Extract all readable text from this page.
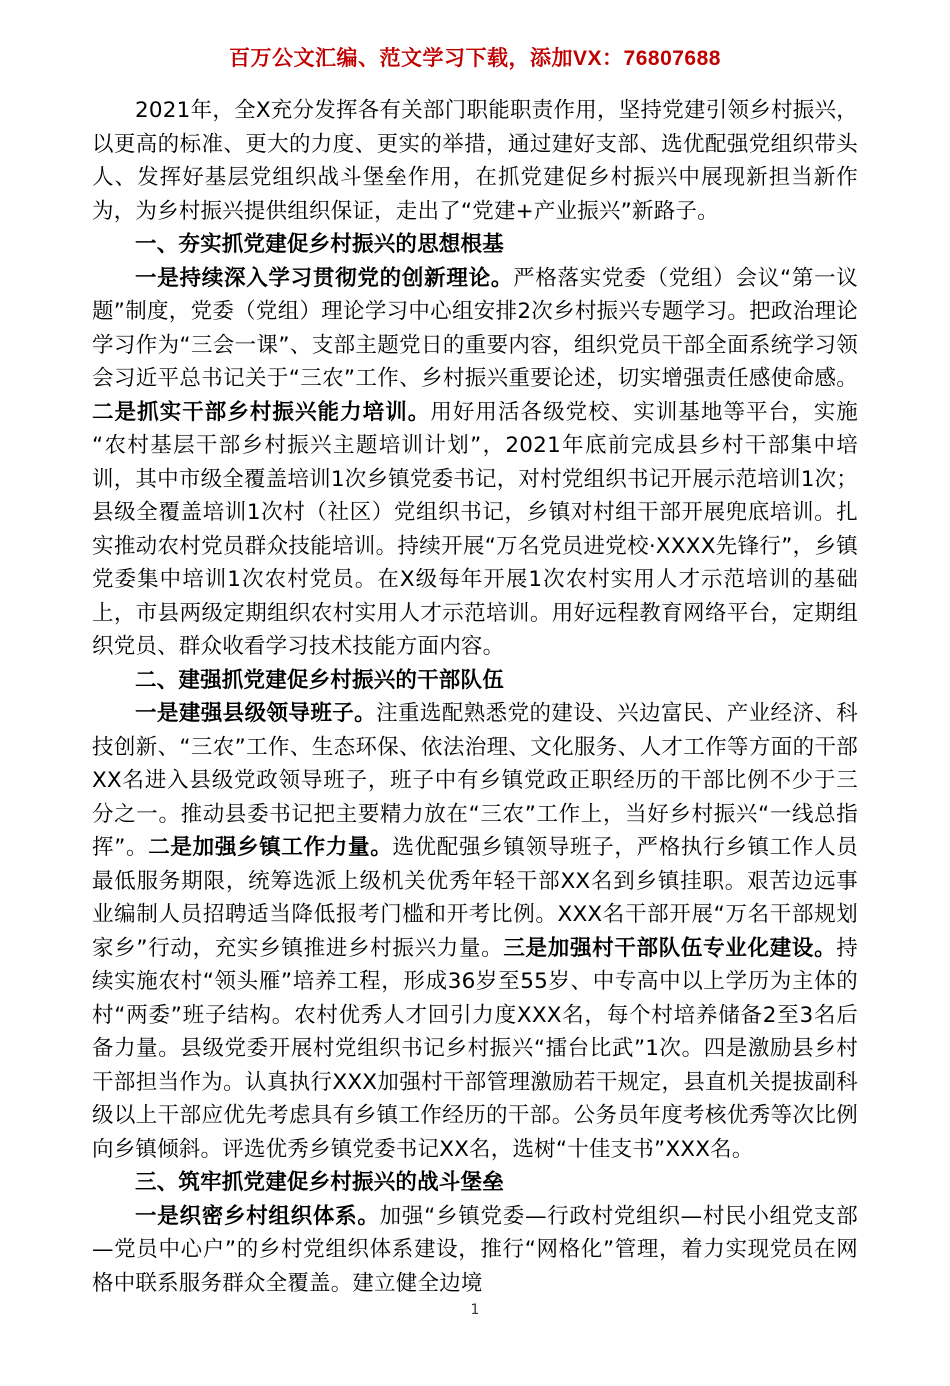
百万公文汇编、范文学习下载，添加VX：76807688

2021年，全X充分发挥各有关部门职能职责作用，坚持党建引领乡村振兴，以更高的标准、更大的力度、更实的举措，通过建好支部、选优配强党组织带头人、发挥好基层党组织战斗堡垒作用，在抓党建促乡村振兴中展现新担当新作为，为乡村振兴提供组织保证，走出了“党建+产业振兴”新路子。

一、夯实抓党建促乡村振兴的思想根基

一是持续深入学习贯彻党的创新理论。严格落实党委（党组）会议“第一议题”制度，党委（党组）理论学习中心组安排2次乡村振兴专题学习。把政治理论学习作为“三会一课”、支部主题党日的重要内容，组织党员干部全面系统学习领会习近平总书记关于“三农”工作、乡村振兴重要论述，切实增强责任感使命感。二是抓实干部乡村振兴能力培训。用好用活各级党校、实训基地等平台，实施“农村基层干部乡村振兴主题培训计划”，2021年底前完成县乡村干部集中培训，其中市级全覆盖培训1次乡镇党委书记，对村党组织书记开展示范培训1次；县级全覆盖培训1次村（社区）党组织书记，乡镇对村组干部开展兜底培训。扎实推动农村党员群众技能培训。持续开展“万名党员进党校·XXXX先锋行”，乡镇党委集中培训1次农村党员。在X级每年开展1次农村实用人才示范培训的基础上，市县两级定期组织农村实用人才示范培训。用好远程教育网络平台，定期组织党员、群众收看学习技术技能方面内容。

二、建强抓党建促乡村振兴的干部队伍

一是建强县级领导班子。注重选配熟悉党的建设、兴边富民、产业经济、科技创新、“三农”工作、生态环保、依法治理、文化服务、人才工作等方面的干部XX名进入县级党政领导班子，班子中有乡镇党政正职经历的干部比例不少于三分之一。推动县委书记把主要精力放在“三农”工作上，当好乡村振兴“一线总指挥”。二是加强乡镇工作力量。选优配强乡镇领导班子，严格执行乡镇工作人员最低服务期限，统筹选派上级机关优秀年轻干部XX名到乡镇挂职。艰苦边远事业编制人员招聘适当降低报考门槛和开考比例。XXX名干部开展“万名干部规划家乡”行动，充实乡镇推进乡村振兴力量。三是加强村干部队伍专业化建设。持续实施农村“领头雁”培养工程，形成36岁至55岁、中专高中以上学历为主体的村“两委”班子结构。农村优秀人才回引力度XXX名，每个村培养储备2至3名后备力量。县级党委开展村党组织书记乡村振兴“擂台比武”1次。四是激励县乡村干部担当作为。认真执行XXX加强村干部管理激励若干规定，县直机关提拔副科级以上干部应优先考虑具有乡镇工作经历的干部。公务员年度考核优秀等次比例向乡镇倾斜。评选优秀乡镇党委书记XX名，选树“十佳支书”XXX名。

三、筑牢抓党建促乡村振兴的战斗堡垒

一是织密乡村组织体系。加强“乡镇党委—行政村党组织—村民小组党支部—党员中心户”的乡村党组织体系建设，推行“网格化”管理，着力实现党员在网格中联系服务群众全覆盖。建立健全边境

1
